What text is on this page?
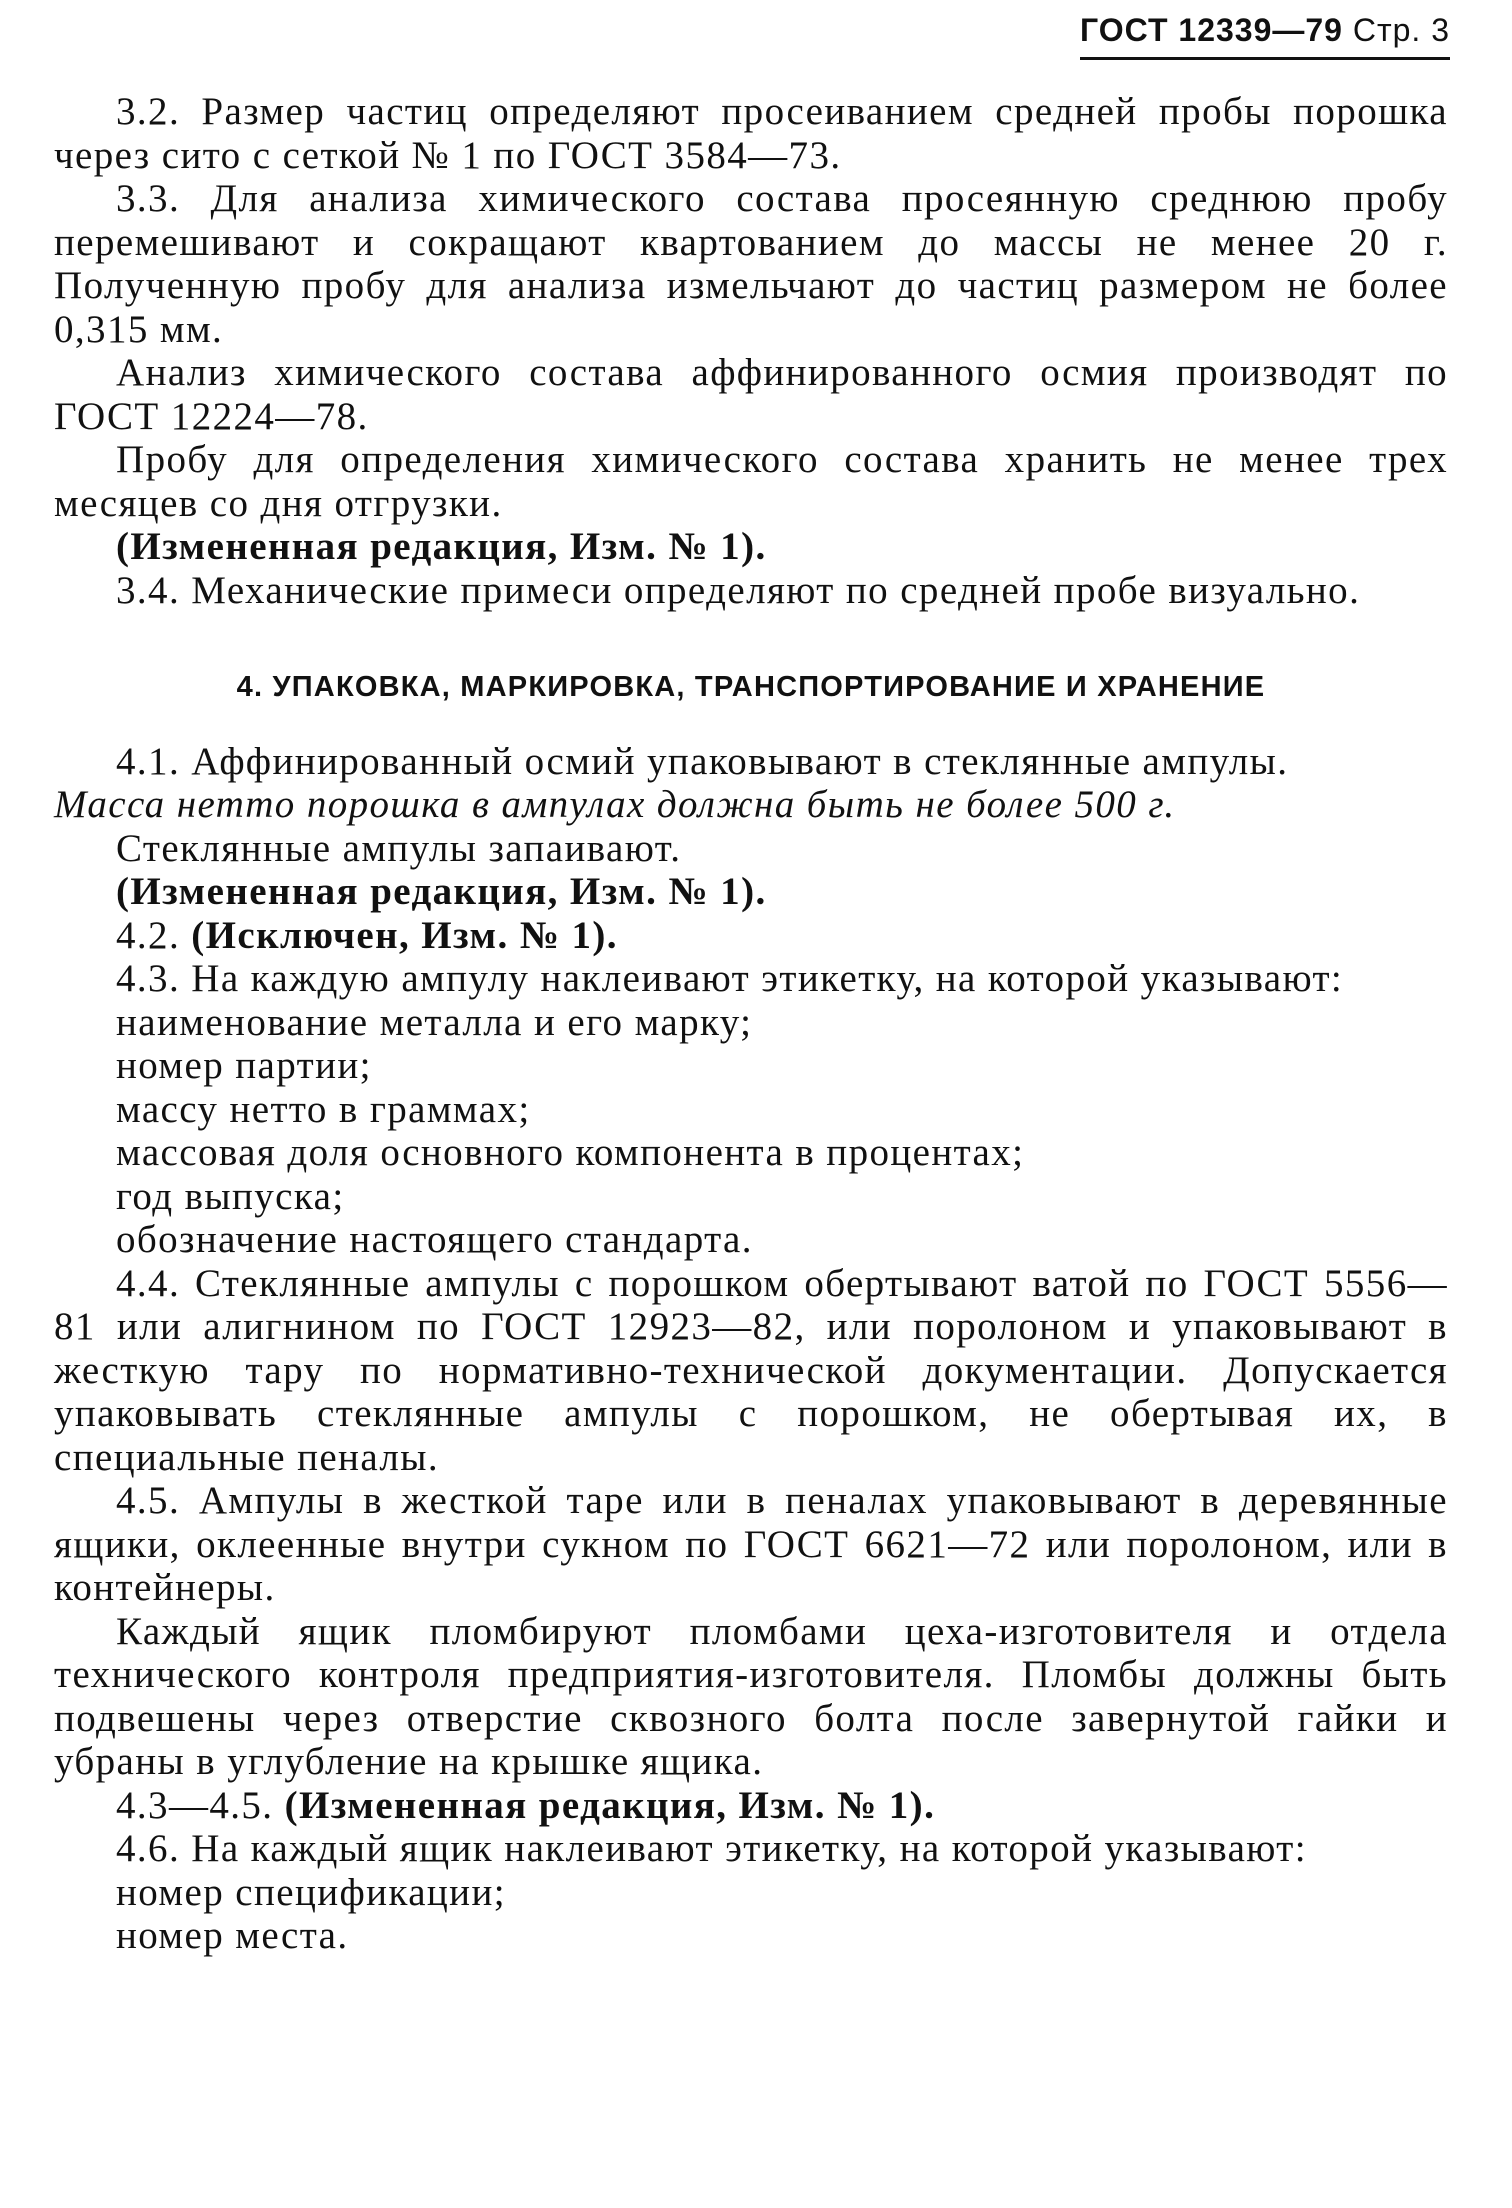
ГОСТ 12339—79 Стр. 3

3.2. Размер частиц определяют просеиванием средней пробы порошка через сито с сеткой № 1 по ГОСТ 3584—73.

3.3. Для анализа химического состава просеянную среднюю пробу перемешивают и сокращают квартованием до массы не менее 20 г. Полученную пробу для анализа измельчают до частиц размером не более 0,315 мм.

Анализ химического состава аффинированного осмия производят по ГОСТ 12224—78.

Пробу для определения химического состава хранить не менее трех месяцев со дня отгрузки.

(Измененная редакция, Изм. № 1).

3.4. Механические примеси определяют по средней пробе визуально.

4. УПАКОВКА, МАРКИРОВКА, ТРАНСПОРТИРОВАНИЕ И ХРАНЕНИЕ

4.1. Аффинированный осмий упаковывают в стеклянные ампулы.

Масса нетто порошка в ампулах должна быть не более 500 г.

Стеклянные ампулы запаивают.

(Измененная редакция, Изм. № 1).

4.2. (Исключен, Изм. № 1).

4.3. На каждую ампулу наклеивают этикетку, на которой указывают:

наименование металла и его марку;

номер партии;

массу нетто в граммах;

массовая доля основного компонента в процентах;

год выпуска;

обозначение настоящего стандарта.

4.4. Стеклянные ампулы с порошком обертывают ватой по ГОСТ 5556—81 или алигнином по ГОСТ 12923—82, или поролоном и упаковывают в жесткую тару по нормативно-технической документации. Допускается упаковывать стеклянные ампулы с порошком, не обертывая их, в специальные пеналы.

4.5. Ампулы в жесткой таре или в пеналах упаковывают в деревянные ящики, оклеенные внутри сукном по ГОСТ 6621—72 или поролоном, или в контейнеры.

Каждый ящик пломбируют пломбами цеха-изготовителя и отдела технического контроля предприятия-изготовителя. Пломбы должны быть подвешены через отверстие сквозного болта после завернутой гайки и убраны в углубление на крышке ящика.

4.3—4.5. (Измененная редакция, Изм. № 1).

4.6. На каждый ящик наклеивают этикетку, на которой указывают:

номер спецификации;

номер места.
